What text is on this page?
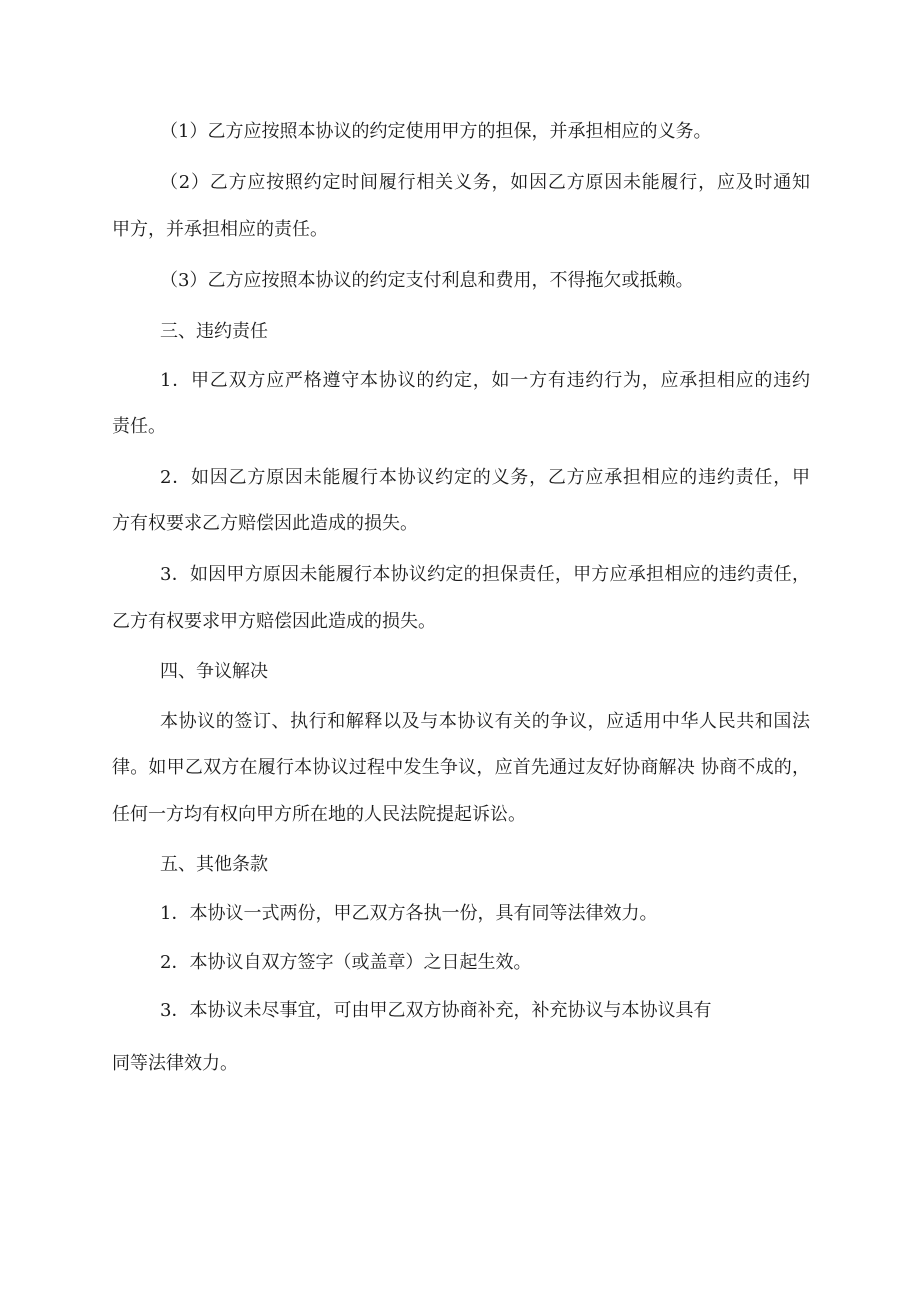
（1）乙方应按照本协议的约定使用甲方的担保，并承担相应的义务。
（2）乙方应按照约定时间履行相关义务，如因乙方原因未能履行，应及时通知
甲方，并承担相应的责任。
（3）乙方应按照本协议的约定支付利息和费用，不得拖欠或抵赖。
三、违约责任
1．甲乙双方应严格遵守本协议的约定，如一方有违约行为，应承担相应的违约
责任。
2．如因乙方原因未能履行本协议约定的义务，乙方应承担相应的违约责任，甲
方有权要求乙方赔偿因此造成的损失。
3．如因甲方原因未能履行本协议约定的担保责任，甲方应承担相应的违约责任，
乙方有权要求甲方赔偿因此造成的损失。
四、争议解决
本协议的签订、执行和解释以及与本协议有关的争议，应适用中华人民共和国法
律。如甲乙双方在履行本协议过程中发生争议，应首先通过友好协商解决 协商不成的，
任何一方均有权向甲方所在地的人民法院提起诉讼。
五、其他条款
1．本协议一式两份，甲乙双方各执一份，具有同等法律效力。
2．本协议自双方签字（或盖章）之日起生效。
3．本协议未尽事宜，可由甲乙双方协商补充，补充协议与本协议具有
同等法律效力。
